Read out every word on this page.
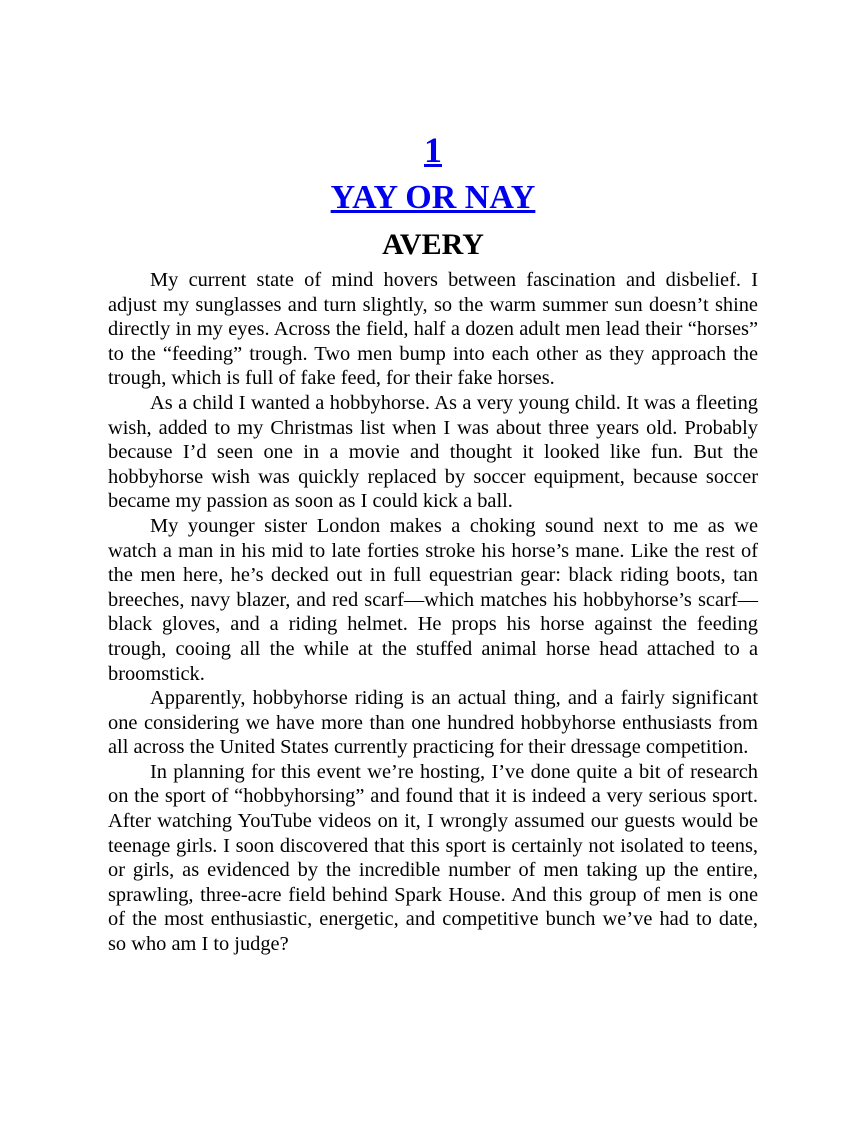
1
YAY OR NAY
AVERY

My current state of mind hovers between fascination and disbelief. I adjust my sunglasses and turn slightly, so the warm summer sun doesn’t shine directly in my eyes. Across the field, half a dozen adult men lead their “horses” to the “feeding” trough. Two men bump into each other as they approach the trough, which is full of fake feed, for their fake horses.

As a child I wanted a hobbyhorse. As a very young child. It was a fleeting wish, added to my Christmas list when I was about three years old. Probably because I’d seen one in a movie and thought it looked like fun. But the hobbyhorse wish was quickly replaced by soccer equipment, because soccer became my passion as soon as I could kick a ball.

My younger sister London makes a choking sound next to me as we watch a man in his mid to late forties stroke his horse’s mane. Like the rest of the men here, he’s decked out in full equestrian gear: black riding boots, tan breeches, navy blazer, and red scarf—which matches his hobbyhorse’s scarf—black gloves, and a riding helmet. He props his horse against the feeding trough, cooing all the while at the stuffed animal horse head attached to a broomstick.

Apparently, hobbyhorse riding is an actual thing, and a fairly significant one considering we have more than one hundred hobbyhorse enthusiasts from all across the United States currently practicing for their dressage competition.

In planning for this event we’re hosting, I’ve done quite a bit of research on the sport of “hobbyhorsing” and found that it is indeed a very serious sport. After watching YouTube videos on it, I wrongly assumed our guests would be teenage girls. I soon discovered that this sport is certainly not isolated to teens, or girls, as evidenced by the incredible number of men taking up the entire, sprawling, three-acre field behind Spark House. And this group of men is one of the most enthusiastic, energetic, and competitive bunch we’ve had to date, so who am I to judge?
